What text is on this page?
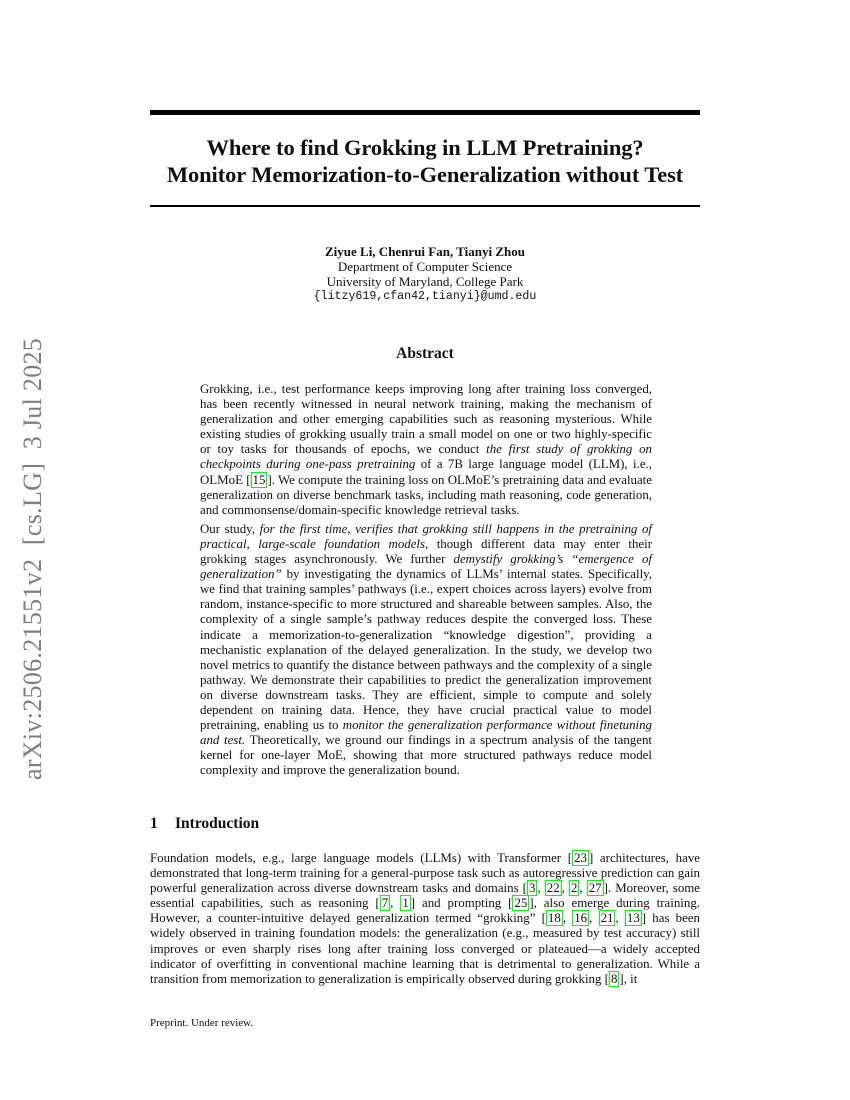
arXiv:2506.21551v2  [cs.LG]  3 Jul 2025
Where to find Grokking in LLM Pretraining?
Monitor Memorization-to-Generalization without Test
Ziyue Li, Chenrui Fan, Tianyi Zhou
Department of Computer Science
University of Maryland, College Park
{litzy619,cfan42,tianyi}@umd.edu
Abstract

Grokking, i.e., test performance keeps improving long after training loss converged, has been recently witnessed in neural network training, making the mechanism of generalization and other emerging capabilities such as reasoning mysterious. While existing studies of grokking usually train a small model on one or two highly-specific or toy tasks for thousands of epochs, we conduct the first study of grokking on checkpoints during one-pass pretraining of a 7B large language model (LLM), i.e., OLMoE [ 15 ]. We compute the training loss on OLMoE’s pretraining data and evaluate generalization on diverse benchmark tasks, including math reasoning, code generation, and commonsense/domain-specific knowledge retrieval tasks.

Our study, for the first time, verifies that grokking still happens in the pretraining of practical, large-scale foundation models, though different data may enter their grokking stages asynchronously. We further demystify grokking’s “emergence of generalization” by investigating the dynamics of LLMs’ internal states. Specifically, we find that training samples’ pathways (i.e., expert choices across layers) evolve from random, instance-specific to more structured and shareable between samples. Also, the complexity of a single sample’s pathway reduces despite the converged loss. These indicate a memorization-to-generalization “knowledge digestion”, providing a mechanistic explanation of the delayed generalization. In the study, we develop two novel metrics to quantify the distance between pathways and the complexity of a single pathway. We demonstrate their capabilities to predict the generalization improvement on diverse downstream tasks. They are efficient, simple to compute and solely dependent on training data. Hence, they have crucial practical value to model pretraining, enabling us to monitor the generalization performance without finetuning and test. Theoretically, we ground our findings in a spectrum analysis of the tangent kernel for one-layer MoE, showing that more structured pathways reduce model complexity and improve the generalization bound.

1 Introduction

Foundation models, e.g., large language models (LLMs) with Transformer [ 23 ] architectures, have demonstrated that long-term training for a general-purpose task such as autoregressive prediction can gain powerful generalization across diverse downstream tasks and domains [ 3 , 22 , 2 , 27 ]. Moreover, some essential capabilities, such as reasoning [ 7 , 1 ] and prompting [ 25 ], also emerge during training. However, a counter-intuitive delayed generalization termed “grokking” [ 18 , 16 , 21 , 13 ] has been widely observed in training foundation models: the generalization (e.g., measured by test accuracy) still improves or even sharply rises long after training loss converged or plateaued—a widely accepted indicator of overfitting in conventional machine learning that is detrimental to generalization. While a transition from memorization to generalization is empirically observed during grokking [ 8 ], it

Preprint. Under review.
